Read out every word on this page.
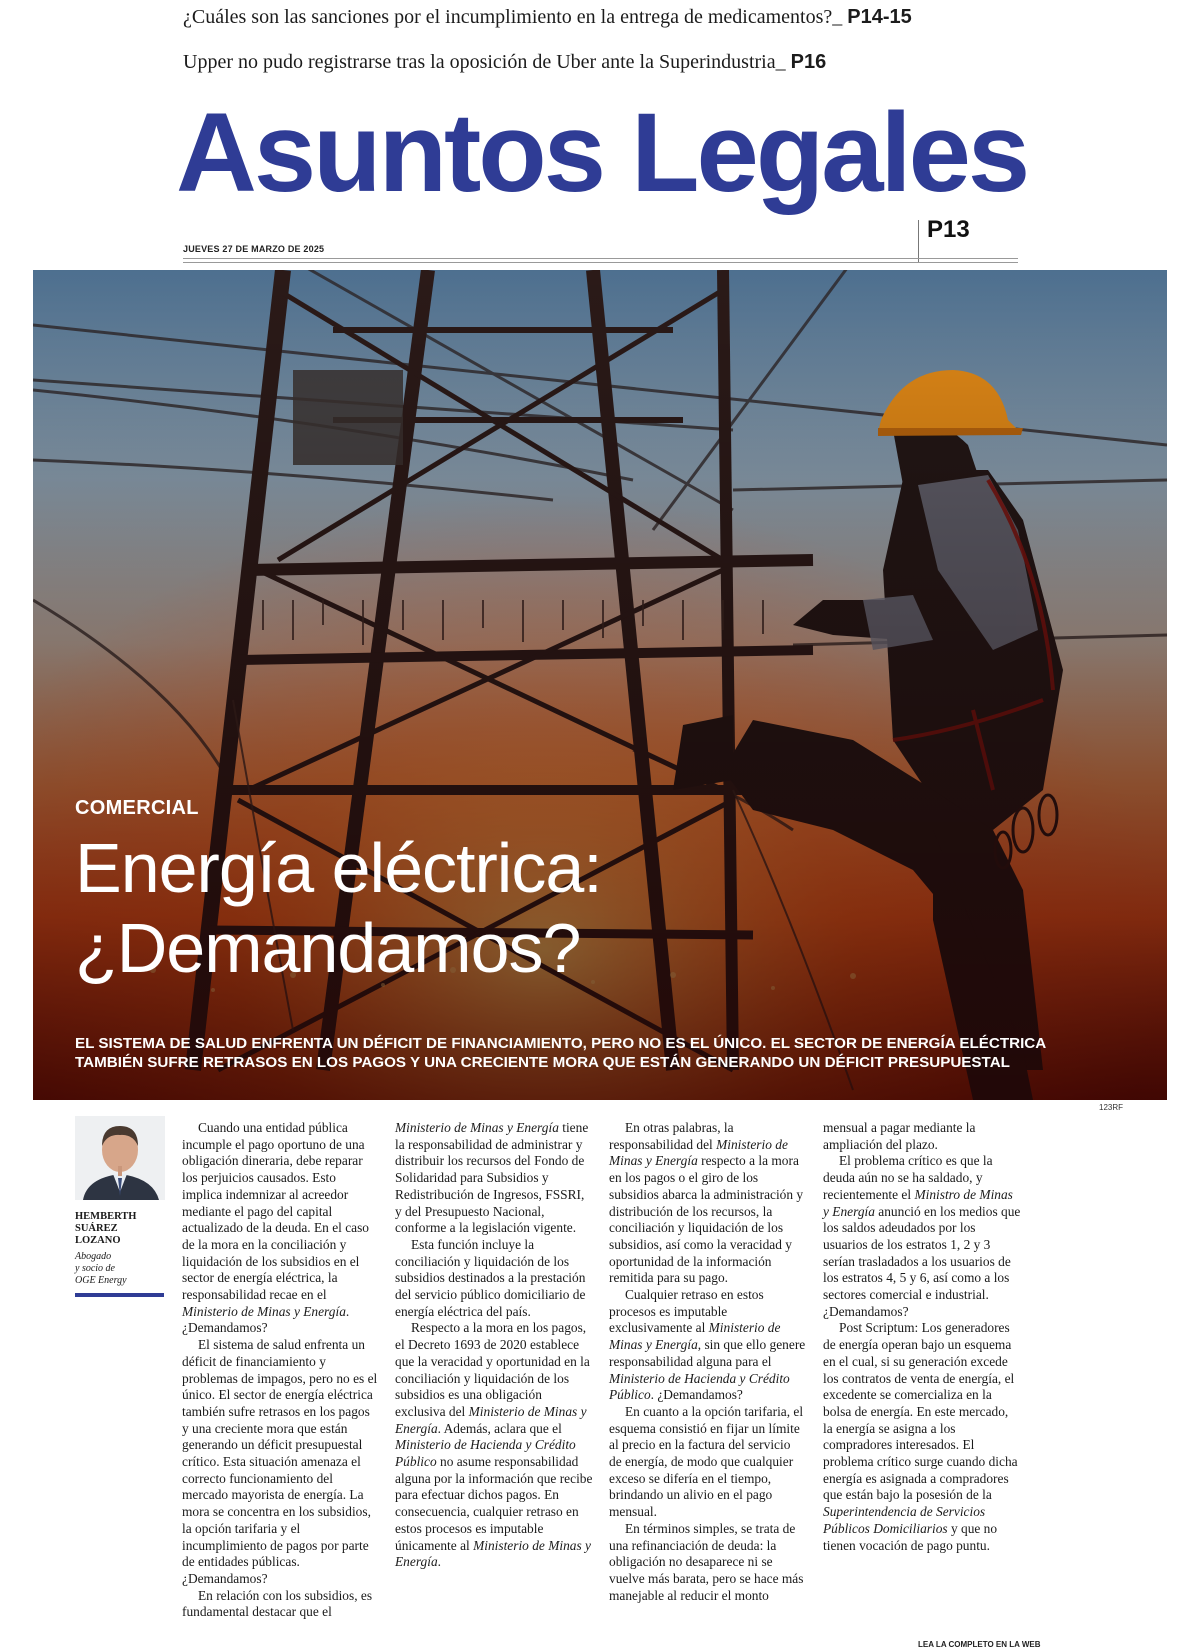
¿Cuáles son las sanciones por el incumplimiento en la entrega de medicamentos?_ P14-15
Upper no pudo registrarse tras la oposición de Uber ante la Superindustria_ P16
Asuntos Legales
P13
JUEVES 27 DE MARZO DE 2025
COMERCIAL
Energía eléctrica:
¿Demandamos?
EL SISTEMA DE SALUD ENFRENTA UN DÉFICIT DE FINANCIAMIENTO, PERO NO ES EL ÚNICO. EL SECTOR DE ENERGÍA ELÉCTRICA TAMBIÉN SUFRE RETRASOS EN LOS PAGOS Y UNA CRECIENTE MORA QUE ESTÁN GENERANDO UN DÉFICIT PRESUPUESTAL
123RF
HEMBERTH
SUÁREZ
LOZANO
Abogado
y socio de
OGE Energy

Cuando una entidad pública incumple el pago oportuno de una obligación dineraria, debe reparar los perjuicios causados. Esto implica indemnizar al acreedor mediante el pago del capital actualizado de la deuda. En el caso de la mora en la conciliación y liquidación de los subsidios en el sector de energía eléctrica, la responsabilidad recae en el Ministerio de Minas y Energía. ¿Demandamos?

El sistema de salud enfrenta un déficit de financiamiento y problemas de impagos, pero no es el único. El sector de energía eléctrica también sufre retrasos en los pagos y una creciente mora que están generando un déficit presupuestal crítico. Esta situación amenaza el correcto funcionamiento del mercado mayorista de energía. La mora se concentra en los subsidios, la opción tarifaria y el incumplimiento de pagos por parte de entidades públicas. ¿Demandamos?

En relación con los subsidios, es fundamental destacar que el

Ministerio de Minas y Energía tiene la responsabilidad de administrar y distribuir los recursos del Fondo de Solidaridad para Subsidios y Redistribución de Ingresos, FSSRI, y del Presupuesto Nacional, conforme a la legislación vigente.

Esta función incluye la conciliación y liquidación de los subsidios destinados a la prestación del servicio público domiciliario de energía eléctrica del país.

Respecto a la mora en los pagos, el Decreto 1693 de 2020 establece que la veracidad y oportunidad en la conciliación y liquidación de los subsidios es una obligación exclusiva del Ministerio de Minas y Energía. Además, aclara que el Ministerio de Hacienda y Crédito Público no asume responsabilidad alguna por la información que recibe para efectuar dichos pagos. En consecuencia, cualquier retraso en estos procesos es imputable únicamente al Ministerio de Minas y Energía.

En otras palabras, la responsabilidad del Ministerio de Minas y Energía respecto a la mora en los pagos o el giro de los subsidios abarca la administración y distribución de los recursos, la conciliación y liquidación de los subsidios, así como la veracidad y oportunidad de la información remitida para su pago.

Cualquier retraso en estos procesos es imputable exclusivamente al Ministerio de Minas y Energía, sin que ello genere responsabilidad alguna para el Ministerio de Hacienda y Crédito Público. ¿Demandamos?

En cuanto a la opción tarifaria, el esquema consistió en fijar un límite al precio en la factura del servicio de energía, de modo que cualquier exceso se difería en el tiempo, brindando un alivio en el pago mensual.

En términos simples, se trata de una refinanciación de deuda: la obligación no desaparece ni se vuelve más barata, pero se hace más manejable al reducir el monto

mensual a pagar mediante la ampliación del plazo.

El problema crítico es que la deuda aún no se ha saldado, y recientemente el Ministro de Minas y Energía anunció en los medios que los saldos adeudados por los usuarios de los estratos 1, 2 y 3 serían trasladados a los usuarios de los estratos 4, 5 y 6, así como a los sectores comercial e industrial. ¿Demandamos?

Post Scriptum: Los generadores de energía operan bajo un esquema en el cual, si su generación excede los contratos de venta de energía, el excedente se comercializa en la bolsa de energía. En este mercado, la energía se asigna a los compradores interesados. El problema crítico surge cuando dicha energía es asignada a compradores que están bajo la posesión de la Superintendencia de Servicios Públicos Domiciliarios y que no tienen vocación de pago puntu.

LEA LA COMPLETO EN LA WEB
